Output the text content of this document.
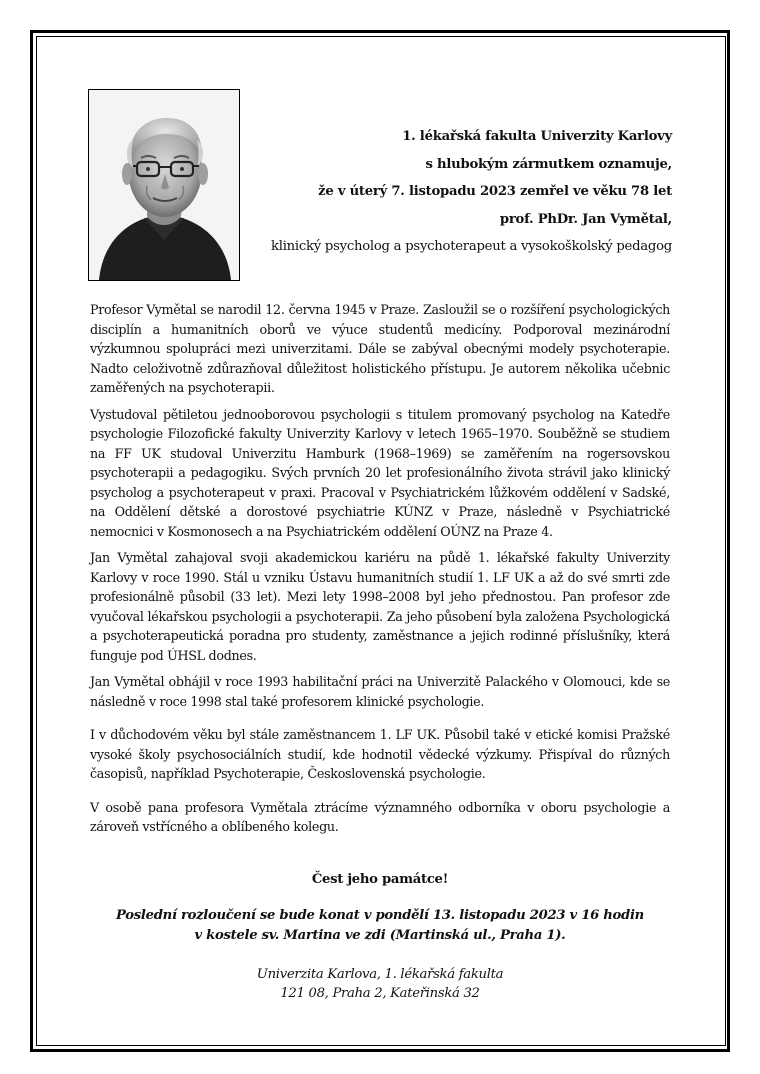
1. lékařská fakulta Univerzity Karlovy
s hlubokým zármutkem oznamuje,
že v úterý 7. listopadu 2023 zemřel ve věku 78 let
prof. PhDr. Jan Vymětal,
klinický psycholog a psychoterapeut a vysokoškolský pedagog

Profesor Vymětal se narodil 12. června 1945 v Praze. Zasloužil se o rozšíření psychologických disciplín a humanitních oborů ve výuce studentů medicíny. Podporoval mezinárodní výzkumnou spolupráci mezi univerzitami. Dále se zabýval obecnými modely psychoterapie. Nadto celoživotně zdůrazňoval důležitost holistického přístupu. Je autorem několika učebnic zaměřených na psychoterapii.

Vystudoval pětiletou jednooborovou psychologii s titulem promovaný psycholog na Katedře psychologie Filozofické fakulty Univerzity Karlovy v letech 1965–1970. Souběžně se studiem na FF UK studoval Univerzitu Hamburk (1968–1969) se zaměřením na rogersovskou psychoterapii a pedagogiku. Svých prvních 20 let profesionálního života strávil jako klinický psycholog a psychoterapeut v praxi. Pracoval v Psychiatrickém lůžkovém oddělení v Sadské, na Oddělení dětské a dorostové psychiatrie KÚNZ v Praze, následně v Psychiatrické nemocnici v Kosmonosech a na Psychiatrickém oddělení OÚNZ na Praze 4.

Jan Vymětal zahajoval svoji akademickou kariéru na půdě 1. lékařské fakulty Univerzity Karlovy v roce 1990. Stál u vzniku Ústavu humanitních studií 1. LF UK a až do své smrti zde profesionálně působil (33 let). Mezi lety 1998–2008 byl jeho přednostou. Pan profesor zde vyučoval lékařskou psychologii a psychoterapii. Za jeho působení byla založena Psychologická a psychoterapeutická poradna pro studenty, zaměstnance a jejich rodinné příslušníky, která funguje pod ÚHSL dodnes.

Jan Vymětal obhájil v roce 1993 habilitační práci na Univerzitě Palackého v Olomouci, kde se následně v roce 1998 stal také profesorem klinické psychologie.

I v důchodovém věku byl stále zaměstnancem 1. LF UK. Působil také v etické komisi Pražské vysoké školy psychosociálních studií, kde hodnotil vědecké výzkumy. Přispíval do různých časopisů, například Psychoterapie, Československá psychologie.

V osobě pana profesora Vymětala ztrácíme významného odborníka v oboru psychologie a zároveň vstřícného a oblíbeného kolegu.

Čest jeho památce!
Poslední rozloučení se bude konat v pondělí 13. listopadu 2023 v 16 hodin
v kostele sv. Martina ve zdi (Martinská ul., Praha 1).
Univerzita Karlova, 1. lékařská fakulta
121 08, Praha 2, Kateřinská 32
